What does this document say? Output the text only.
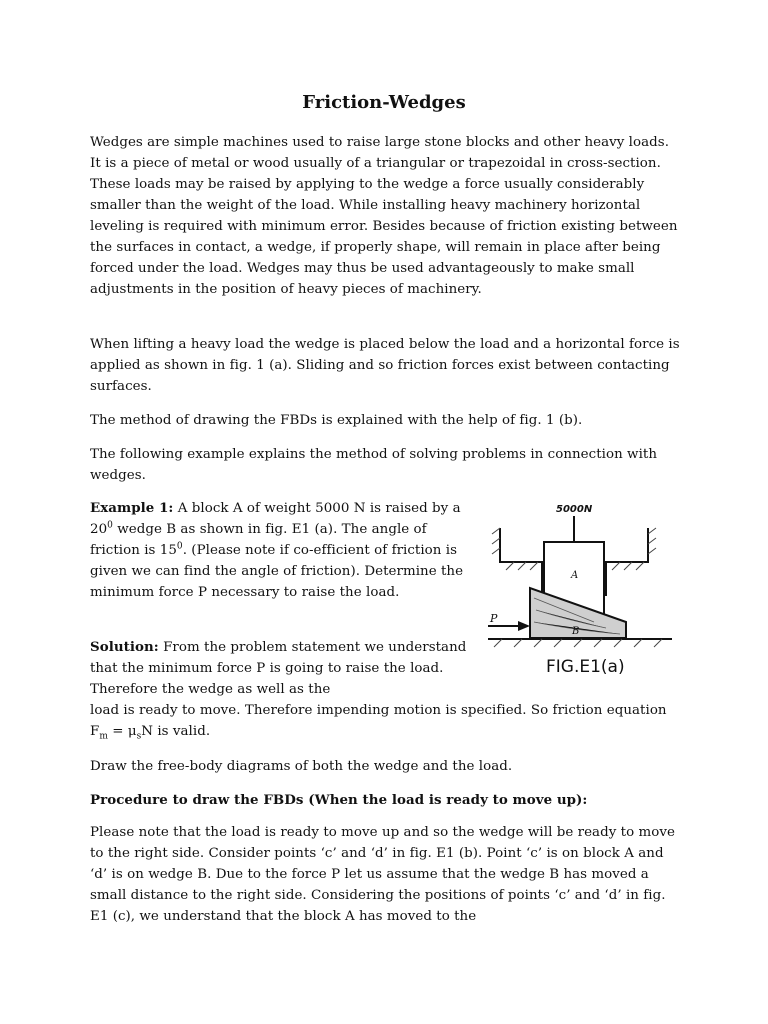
Friction-Wedges

Wedges are simple machines used to raise large stone blocks and other heavy loads. It is a piece of metal or wood usually of a triangular or trapezoidal in cross-section. These loads may be raised by applying to the wedge a force usually considerably smaller than the weight of the load. While installing heavy machinery horizontal leveling is required with minimum error. Besides because of friction existing between the surfaces in contact, a wedge, if properly shape, will remain in place after being forced under the load. Wedges may thus be used advantageously to make small adjustments in the position of heavy pieces of machinery.

When lifting a heavy load the wedge is placed below the load and a horizontal force is applied as shown in fig. 1 (a). Sliding and so friction forces exist between contacting surfaces.

The method of drawing the FBDs is explained with the help of fig. 1 (b).

The following example explains the method of solving problems in connection with wedges.

Example 1: A block A of weight 5000 N is raised by a $20^0$ wedge B as shown in fig. E1 (a). The angle of friction is $15^0$. (Please note if co-efficient of friction is given we can find the angle of friction). Determine the minimum force P necessary to raise the load.

Solution: From the problem statement we understand that the minimum force P is going to raise the load. Therefore the wedge as well as the

load is ready to move. Therefore impending motion is specified. So friction equation $F_m = \mu_sN$ is valid.

Draw the free-body diagrams of both the wedge and the load.

Procedure to draw the FBDs (When the load is ready to move up):

Please note that the load is ready to move up and so the wedge will be ready to move to the right side. Consider points ‘c’ and ‘d’ in fig. E1 (b). Point ‘c’ is on block A and ‘d’ is on wedge B. Due to the force P let us assume that the wedge B has moved a small distance to the right side. Considering the positions of points ‘c’ and ‘d’ in fig. E1 (c), we understand that the block A has moved to the

5000N
A
B
P
FIG.E1(a)
